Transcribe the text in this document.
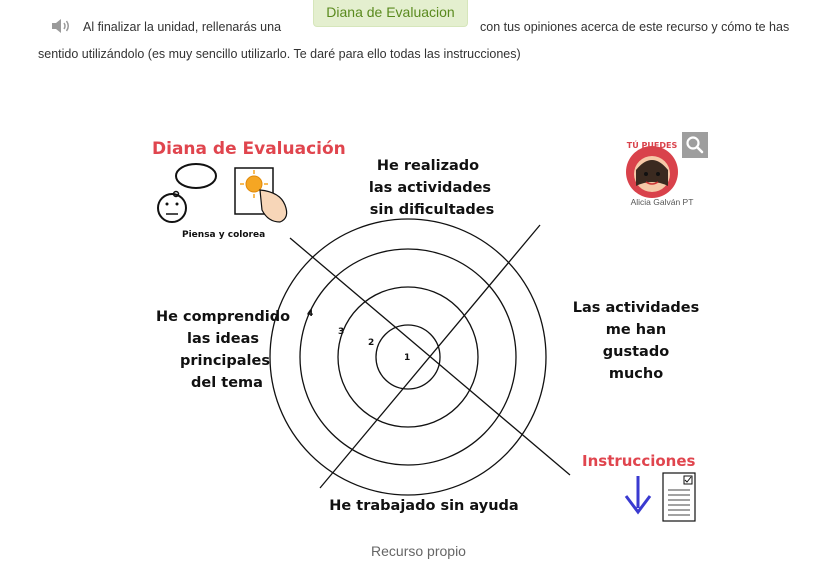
Al finalizar la unidad, rellenarás una
Diana de Evaluacion
con tus opiniones acerca de este recurso y cómo te has
sentido utilizándolo (es muy sencillo utilizarlo. Te daré para ello todas las instrucciones)
Diana de Evaluación
Piensa y colorea
1
2
3
4
He realizado
las actividades
sin dificultades
He comprendido
las ideas
principales
del tema
Las actividades
me han
gustado
mucho
He trabajado sin ayuda
TÚ PUEDES
Alicia Galván PT
Instrucciones
Recurso propio
